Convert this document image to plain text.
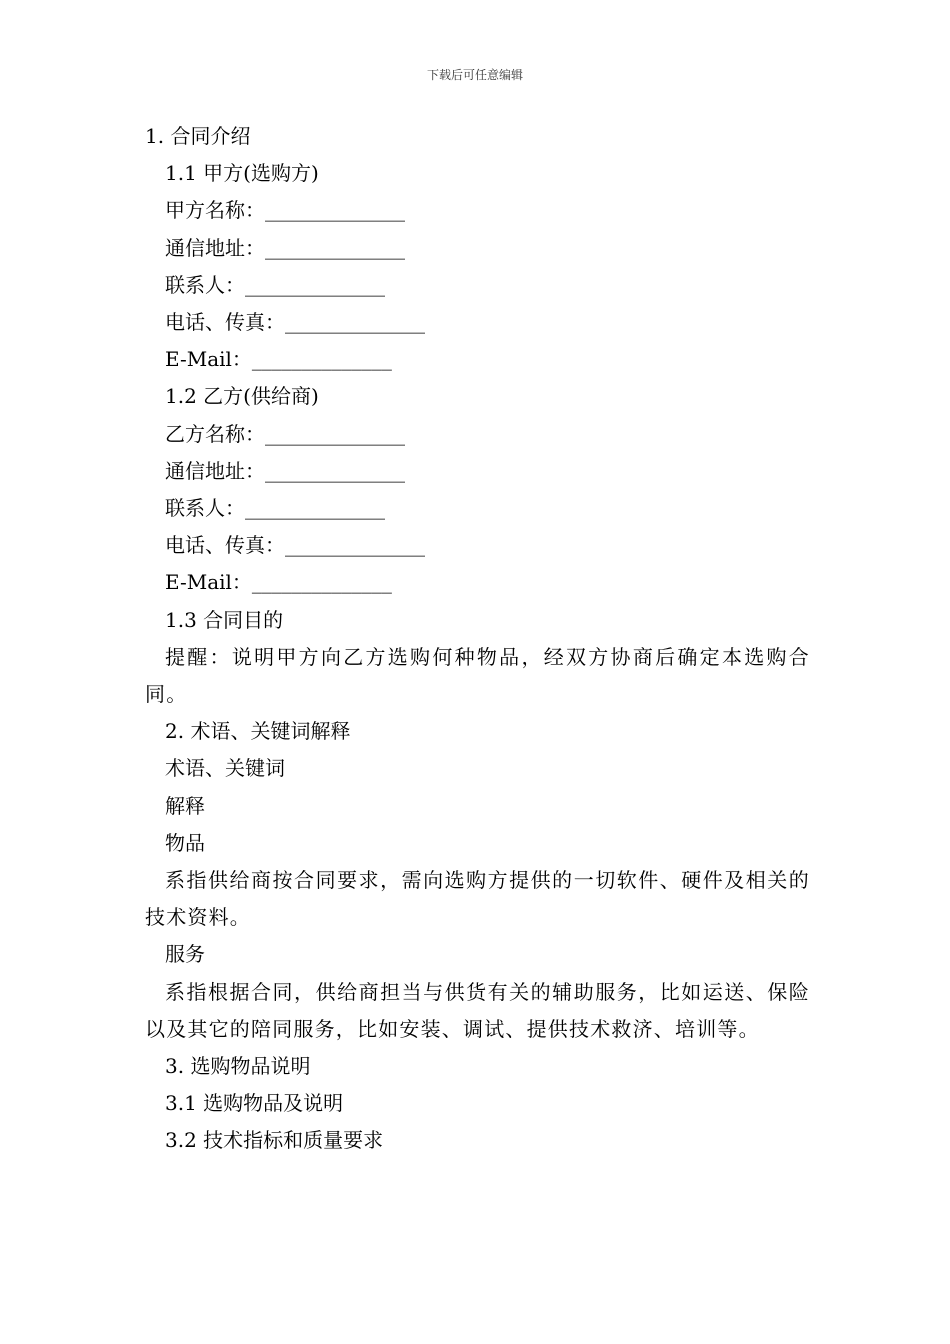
下载后可任意编辑
1. 合同介绍
1.1 甲方(选购方)
甲方名称：______________
通信地址：______________
联系人：______________
电话、传真：______________
E-Mail：______________
1.2 乙方(供给商)
乙方名称：______________
通信地址：______________
联系人：______________
电话、传真：______________
E-Mail：______________
1.3 合同目的
提醒：说明甲方向乙方选购何种物品，经双方协商后确定本选购合同。
2. 术语、关键词解释
术语、关键词
解释
物品
系指供给商按合同要求，需向选购方提供的一切软件、硬件及相关的技术资料。
服务
系指根据合同，供给商担当与供货有关的辅助服务，比如运送、保险以及其它的陪同服务，比如安装、调试、提供技术救济、培训等。
3. 选购物品说明
3.1 选购物品及说明
3.2 技术指标和质量要求
